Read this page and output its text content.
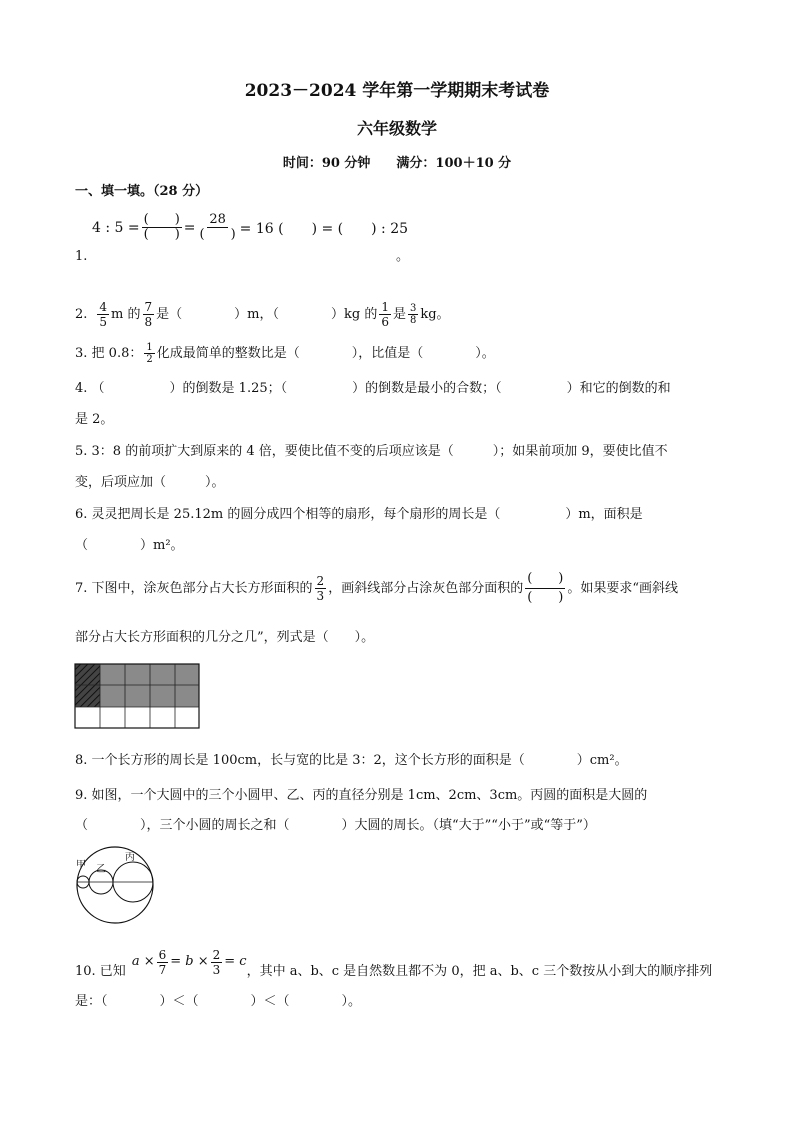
2023－2024 学年第一学期期末考试卷
六年级数学
时间：90 分钟　　满分：100＋10 分
一、填一填。（28 分）
1.
4 : $5 = \frac{( )}{( )} = \frac{28}{( )} = 16$ (　　) = (　　) : 25
。
2. $\frac{4}{5}$ m 的 $\frac{7}{8}$ 是（　　　　）m，（　　　　）kg 的 $\frac{1}{6}$ 是 $\frac{3}{8}$ kg。
3. 把 0.8： $\frac{1}{2}$ 化成最简单的整数比是（　　　　），比值是（　　　　）。
4. （　　　　　）的倒数是 1.25；（　　　　　）的倒数是最小的合数；（　　　　　）和它的倒数的和
是 2。
5. 3：8 的前项扩大到原来的 4 倍，要使比值不变的后项应该是（　　　）；如果前项加 9，要使比值不
变，后项应加（　　　）。
6. 灵灵把周长是 25.12m 的圆分成四个相等的扇形，每个扇形的周长是（　　　　　）m，面积是
（　　　　）m²。
7. 下图中，涂灰色部分占大长方形面积的 $\frac{2}{3}$ ，画斜线部分占涂灰色部分面积的 $\frac{( )}{( )}$ 。如果要求“画斜线
部分占大长方形面积的几分之几”，列式是（　　）。
8. 一个长方形的周长是 100cm，长与宽的比是 3：2，这个长方形的面积是（　　　　）cm²。
9. 如图，一个大圆中的三个小圆甲、乙、丙的直径分别是 1cm、2cm、3cm。丙圆的面积是大圆的
（　　　　），三个小圆的周长之和（　　　　）大圆的周长。（填“大于”“小于”或“等于”）
甲 乙
丙
10. 已知
$a \times \frac{6}{7} = b \times \frac{2}{3} = c$
，其中 a、b、c 是自然数且都不为 0，把 a、b、c 三个数按从小到大的顺序排列
是：（　　　　）＜（　　　　）＜（　　　　）。
